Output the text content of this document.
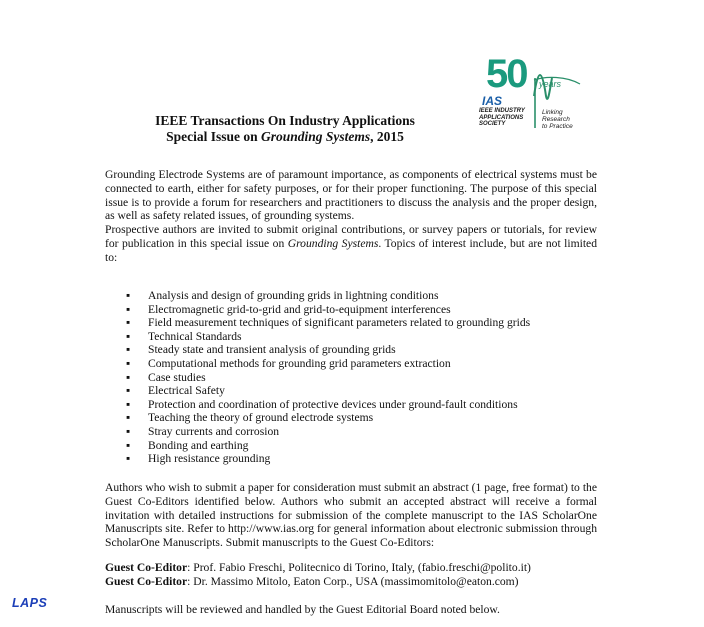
IEEE Transactions On Industry Applications
Special Issue on Grounding Systems, 2015
50 years
IAS
IEEE INDUSTRY
APPLICATIONS
SOCIETY
Linking
Research
to Practice
Grounding Electrode Systems are of paramount importance, as components of electrical systems must be connected to earth, either for safety purposes, or for their proper functioning. The purpose of this special issue is to provide a forum for researchers and practitioners to discuss the analysis and the proper design, as well as safety related issues, of grounding systems.
Prospective authors are invited to submit original contributions, or survey papers or tutorials, for review for publication in this special issue on Grounding Systems. Topics of interest include, but are not limited to:
▪ Analysis and design of grounding grids in lightning conditions
▪ Electromagnetic grid-to-grid and grid-to-equipment interferences
▪ Field measurement techniques of significant parameters related to grounding grids
▪ Technical Standards
▪ Steady state and transient analysis of grounding grids
▪ Computational methods for grounding grid parameters extraction
▪ Case studies
▪ Electrical Safety
▪ Protection and coordination of protective devices under ground-fault conditions
▪ Teaching the theory of ground electrode systems
▪ Stray currents and corrosion
▪ Bonding and earthing
▪ High resistance grounding
Authors who wish to submit a paper for consideration must submit an abstract (1 page, free format) to the Guest Co-Editors identified below. Authors who submit an accepted abstract will receive a formal invitation with detailed instructions for submission of the complete manuscript to the IAS ScholarOne Manuscripts site. Refer to http://www.ias.org for general information about electronic submission through ScholarOne Manuscripts. Submit manuscripts to the Guest Co-Editors:
Guest Co-Editor: Prof. Fabio Freschi, Politecnico di Torino, Italy, (fabio.freschi@polito.it)
Guest Co-Editor: Dr. Massimo Mitolo, Eaton Corp., USA (massimomitolo@eaton.com)
LAPS	Manuscripts will be reviewed and handled by the Guest Editorial Board noted below.
